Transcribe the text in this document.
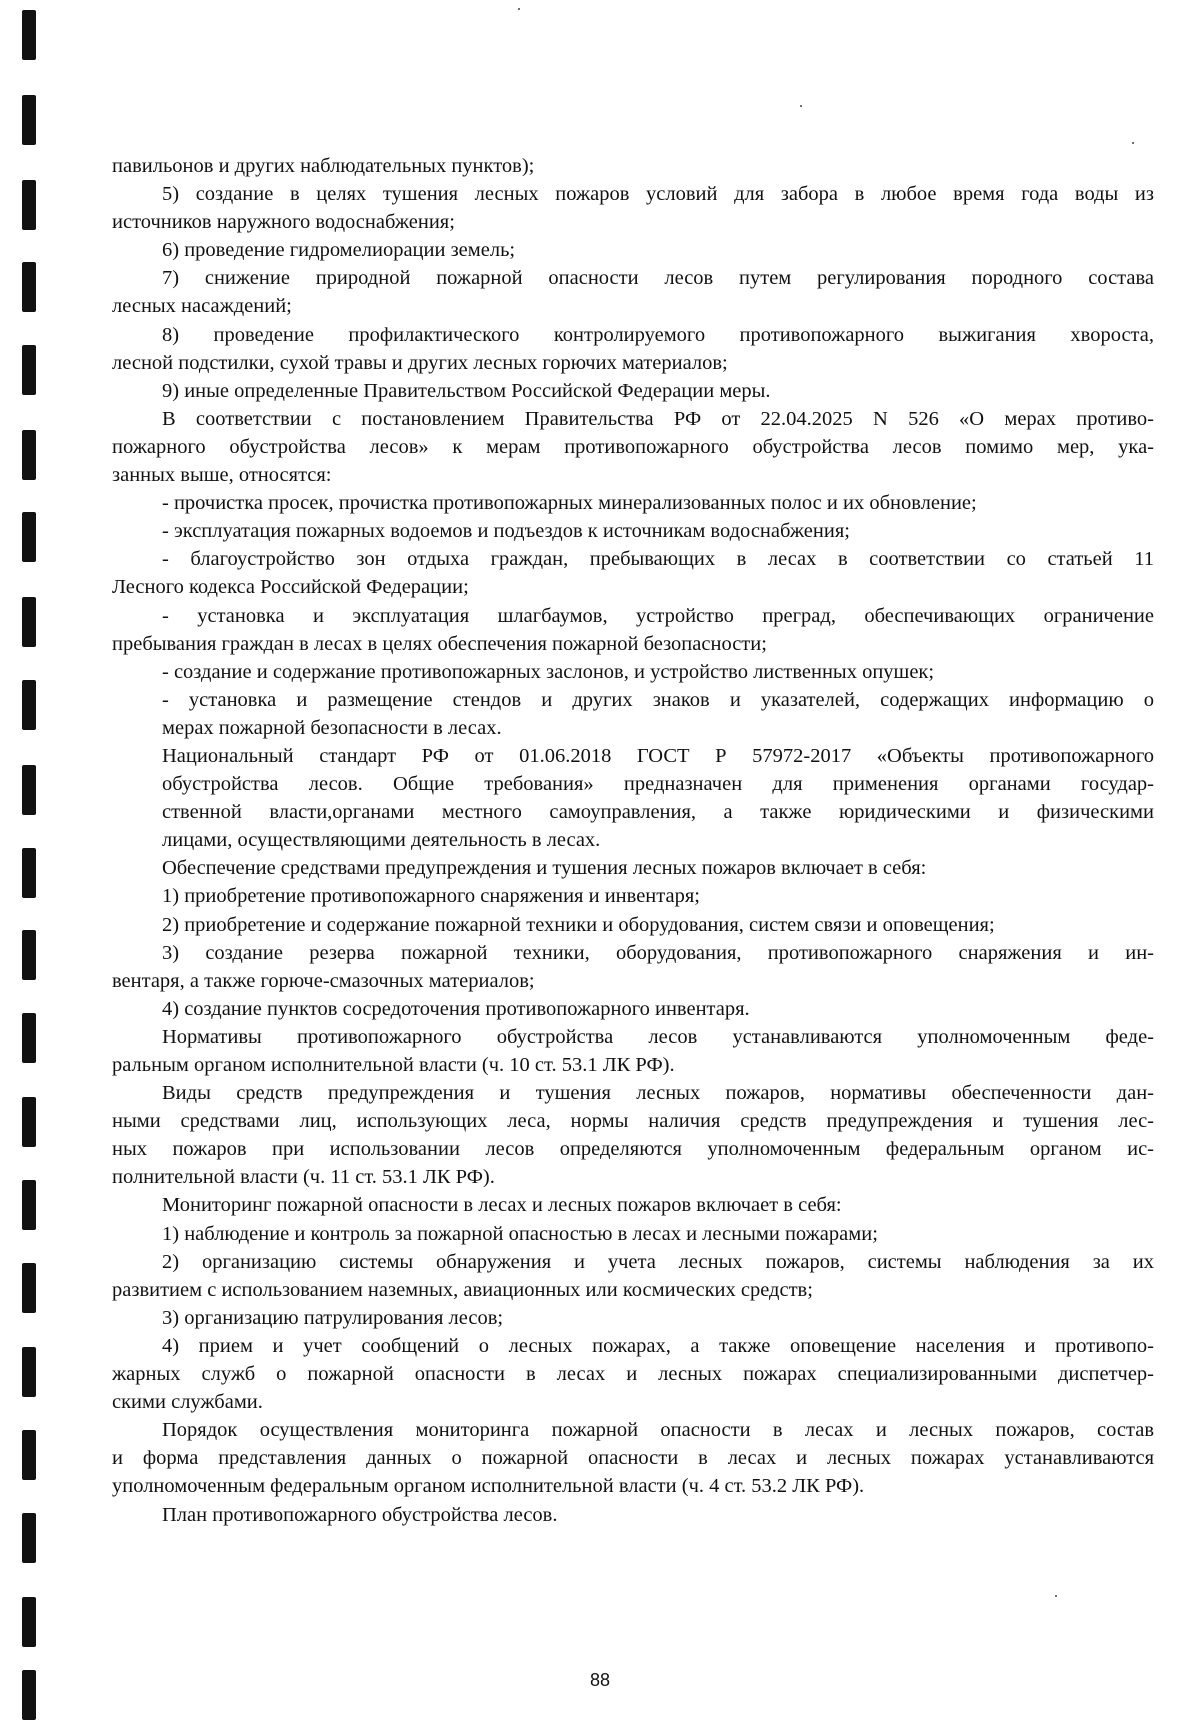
павильонов и других наблюдательных пунктов);
5) создание в целях тушения лесных пожаров условий для забора в любое время года воды из
источников наружного водоснабжения;
6) проведение гидромелиорации земель;
7) снижение природной пожарной опасности лесов путем регулирования породного состава
лесных насаждений;
8) проведение профилактического контролируемого противопожарного выжигания хвороста,
лесной подстилки, сухой травы и других лесных горючих материалов;
9) иные определенные Правительством Российской Федерации меры.
В соответствии с постановлением Правительства РФ от 22.04.2025 N 526 «О мерах противо-
пожарного обустройства лесов» к мерам противопожарного обустройства лесов помимо мер, ука-
занных выше, относятся:
- прочистка просек, прочистка противопожарных минерализованных полос и их обновление;
- эксплуатация пожарных водоемов и подъездов к источникам водоснабжения;
- благоустройство зон отдыха граждан, пребывающих в лесах в соответствии со статьей 11
Лесного кодекса Российской Федерации;
- установка и эксплуатация шлагбаумов, устройство преград, обеспечивающих ограничение
пребывания граждан в лесах в целях обеспечения пожарной безопасности;
- создание и содержание противопожарных заслонов, и устройство лиственных опушек;
- установка и размещение стендов и других знаков и указателей, содержащих информацию о
мерах пожарной безопасности в лесах.
Национальный стандарт РФ от 01.06.2018 ГОСТ Р 57972-2017 «Объекты противопожарного
обустройства лесов. Общие требования» предназначен для применения органами государ-
ственной власти,органами местного самоуправления, а также юридическими и физическими
лицами, осуществляющими деятельность в лесах.
Обеспечение средствами предупреждения и тушения лесных пожаров включает в себя:
1) приобретение противопожарного снаряжения и инвентаря;
2) приобретение и содержание пожарной техники и оборудования, систем связи и оповещения;
3) создание резерва пожарной техники, оборудования, противопожарного снаряжения и ин-
вентаря, а также горюче-смазочных материалов;
4) создание пунктов сосредоточения противопожарного инвентаря.
Нормативы противопожарного обустройства лесов устанавливаются уполномоченным феде-
ральным органом исполнительной власти (ч. 10 ст. 53.1 ЛК РФ).
Виды средств предупреждения и тушения лесных пожаров, нормативы обеспеченности дан-
ными средствами лиц, использующих леса, нормы наличия средств предупреждения и тушения лес-
ных пожаров при использовании лесов определяются уполномоченным федеральным органом ис-
полнительной власти (ч. 11 ст. 53.1 ЛК РФ).
Мониторинг пожарной опасности в лесах и лесных пожаров включает в себя:
1) наблюдение и контроль за пожарной опасностью в лесах и лесными пожарами;
2) организацию системы обнаружения и учета лесных пожаров, системы наблюдения за их
развитием с использованием наземных, авиационных или космических средств;
3) организацию патрулирования лесов;
4) прием и учет сообщений о лесных пожарах, а также оповещение населения и противопо-
жарных служб о пожарной опасности в лесах и лесных пожарах специализированными диспетчер-
скими службами.
Порядок осуществления мониторинга пожарной опасности в лесах и лесных пожаров, состав
и форма представления данных о пожарной опасности в лесах и лесных пожарах устанавливаются
уполномоченным федеральным органом исполнительной власти (ч. 4 ст. 53.2 ЛК РФ).
План противопожарного обустройства лесов.
88
